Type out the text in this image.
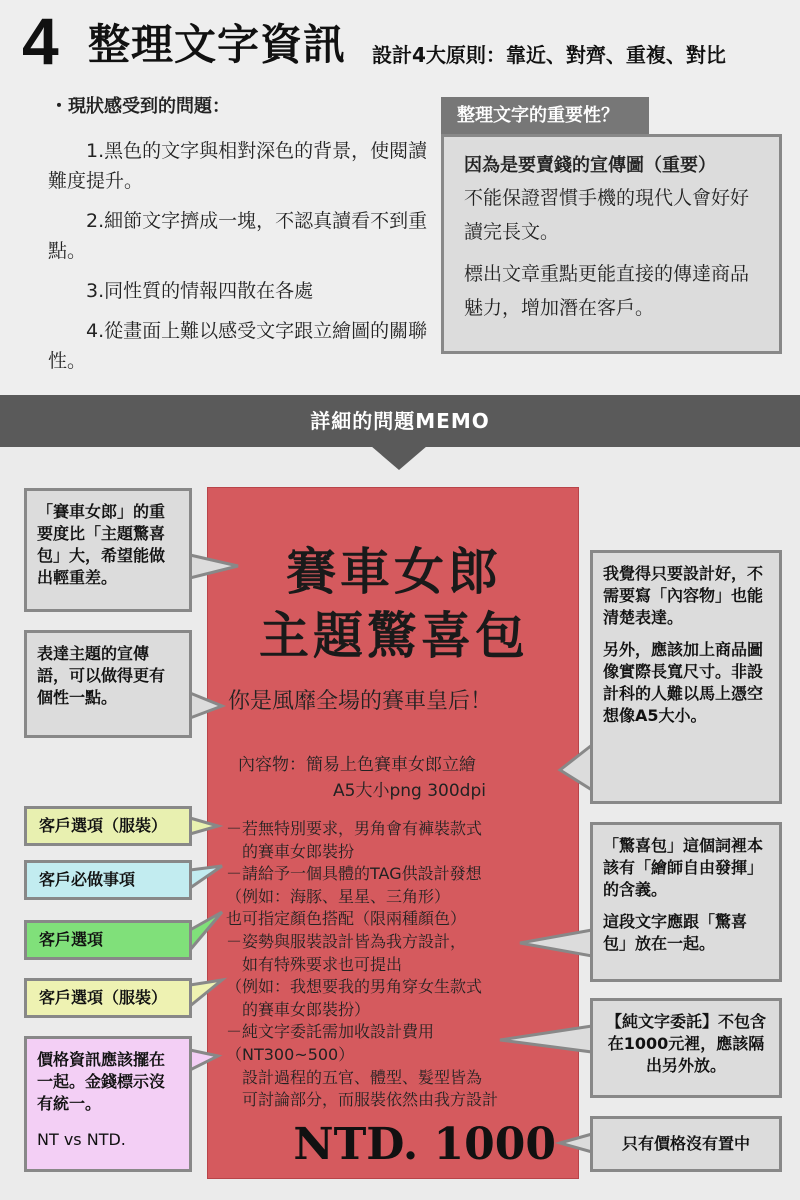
4 整理文字資訊 設計4大原則：靠近、對齊、重複、對比
・現狀感受到的問題：
1.黑色的文字與相對深色的背景，使閱讀難度提升。
2.細節文字擠成一塊，不認真讀看不到重點。
3.同性質的情報四散在各處
4.從畫面上難以感受文字跟立繪圖的關聯性。
整理文字的重要性？
因為是要賣錢的宣傳圖（重要）
不能保證習慣手機的現代人會好好讀完長文。
標出文章重點更能直接的傳達商品魅力，增加潛在客戶。
詳細的問題MEMO
賽車女郎
主題驚喜包
你是風靡全場的賽車皇后！
內容物：簡易上色賽車女郎立繪
A5大小png 300dpi
－若無特別要求，男角會有褲裝款式
　的賽車女郎裝扮
－請給予一個具體的TAG供設計發想
（例如：海豚、星星、三角形）
也可指定顏色搭配（限兩種顏色）
－姿勢與服裝設計皆為我方設計，
　如有特殊要求也可提出
（例如：我想要我的男角穿女生款式
　的賽車女郎裝扮）
－純文字委託需加收設計費用
（NT300~500）
　設計過程的五官、體型、髮型皆為
　可討論部分，而服裝依然由我方設計
NTD. 1000
「賽車女郎」的重要度比「主題驚喜包」大，希望能做出輕重差。
表達主題的宣傳語，可以做得更有個性一點。

我覺得只要設計好，不需要寫「內容物」也能清楚表達。

另外，應該加上商品圖像實際長寬尺寸。非設計科的人難以馬上憑空想像A5大小。

「驚喜包」這個詞裡本該有「繪師自由發揮」的含義。

這段文字應跟「驚喜包」放在一起。

【純文字委託】不包含在1000元裡，應該隔出另外放。
只有價格沒有置中
客戶選項（服裝）
客戶必做事項
客戶選項
客戶選項（服裝）
價格資訊應該擺在一起。金錢標示沒有統一。
NT vs NTD.
